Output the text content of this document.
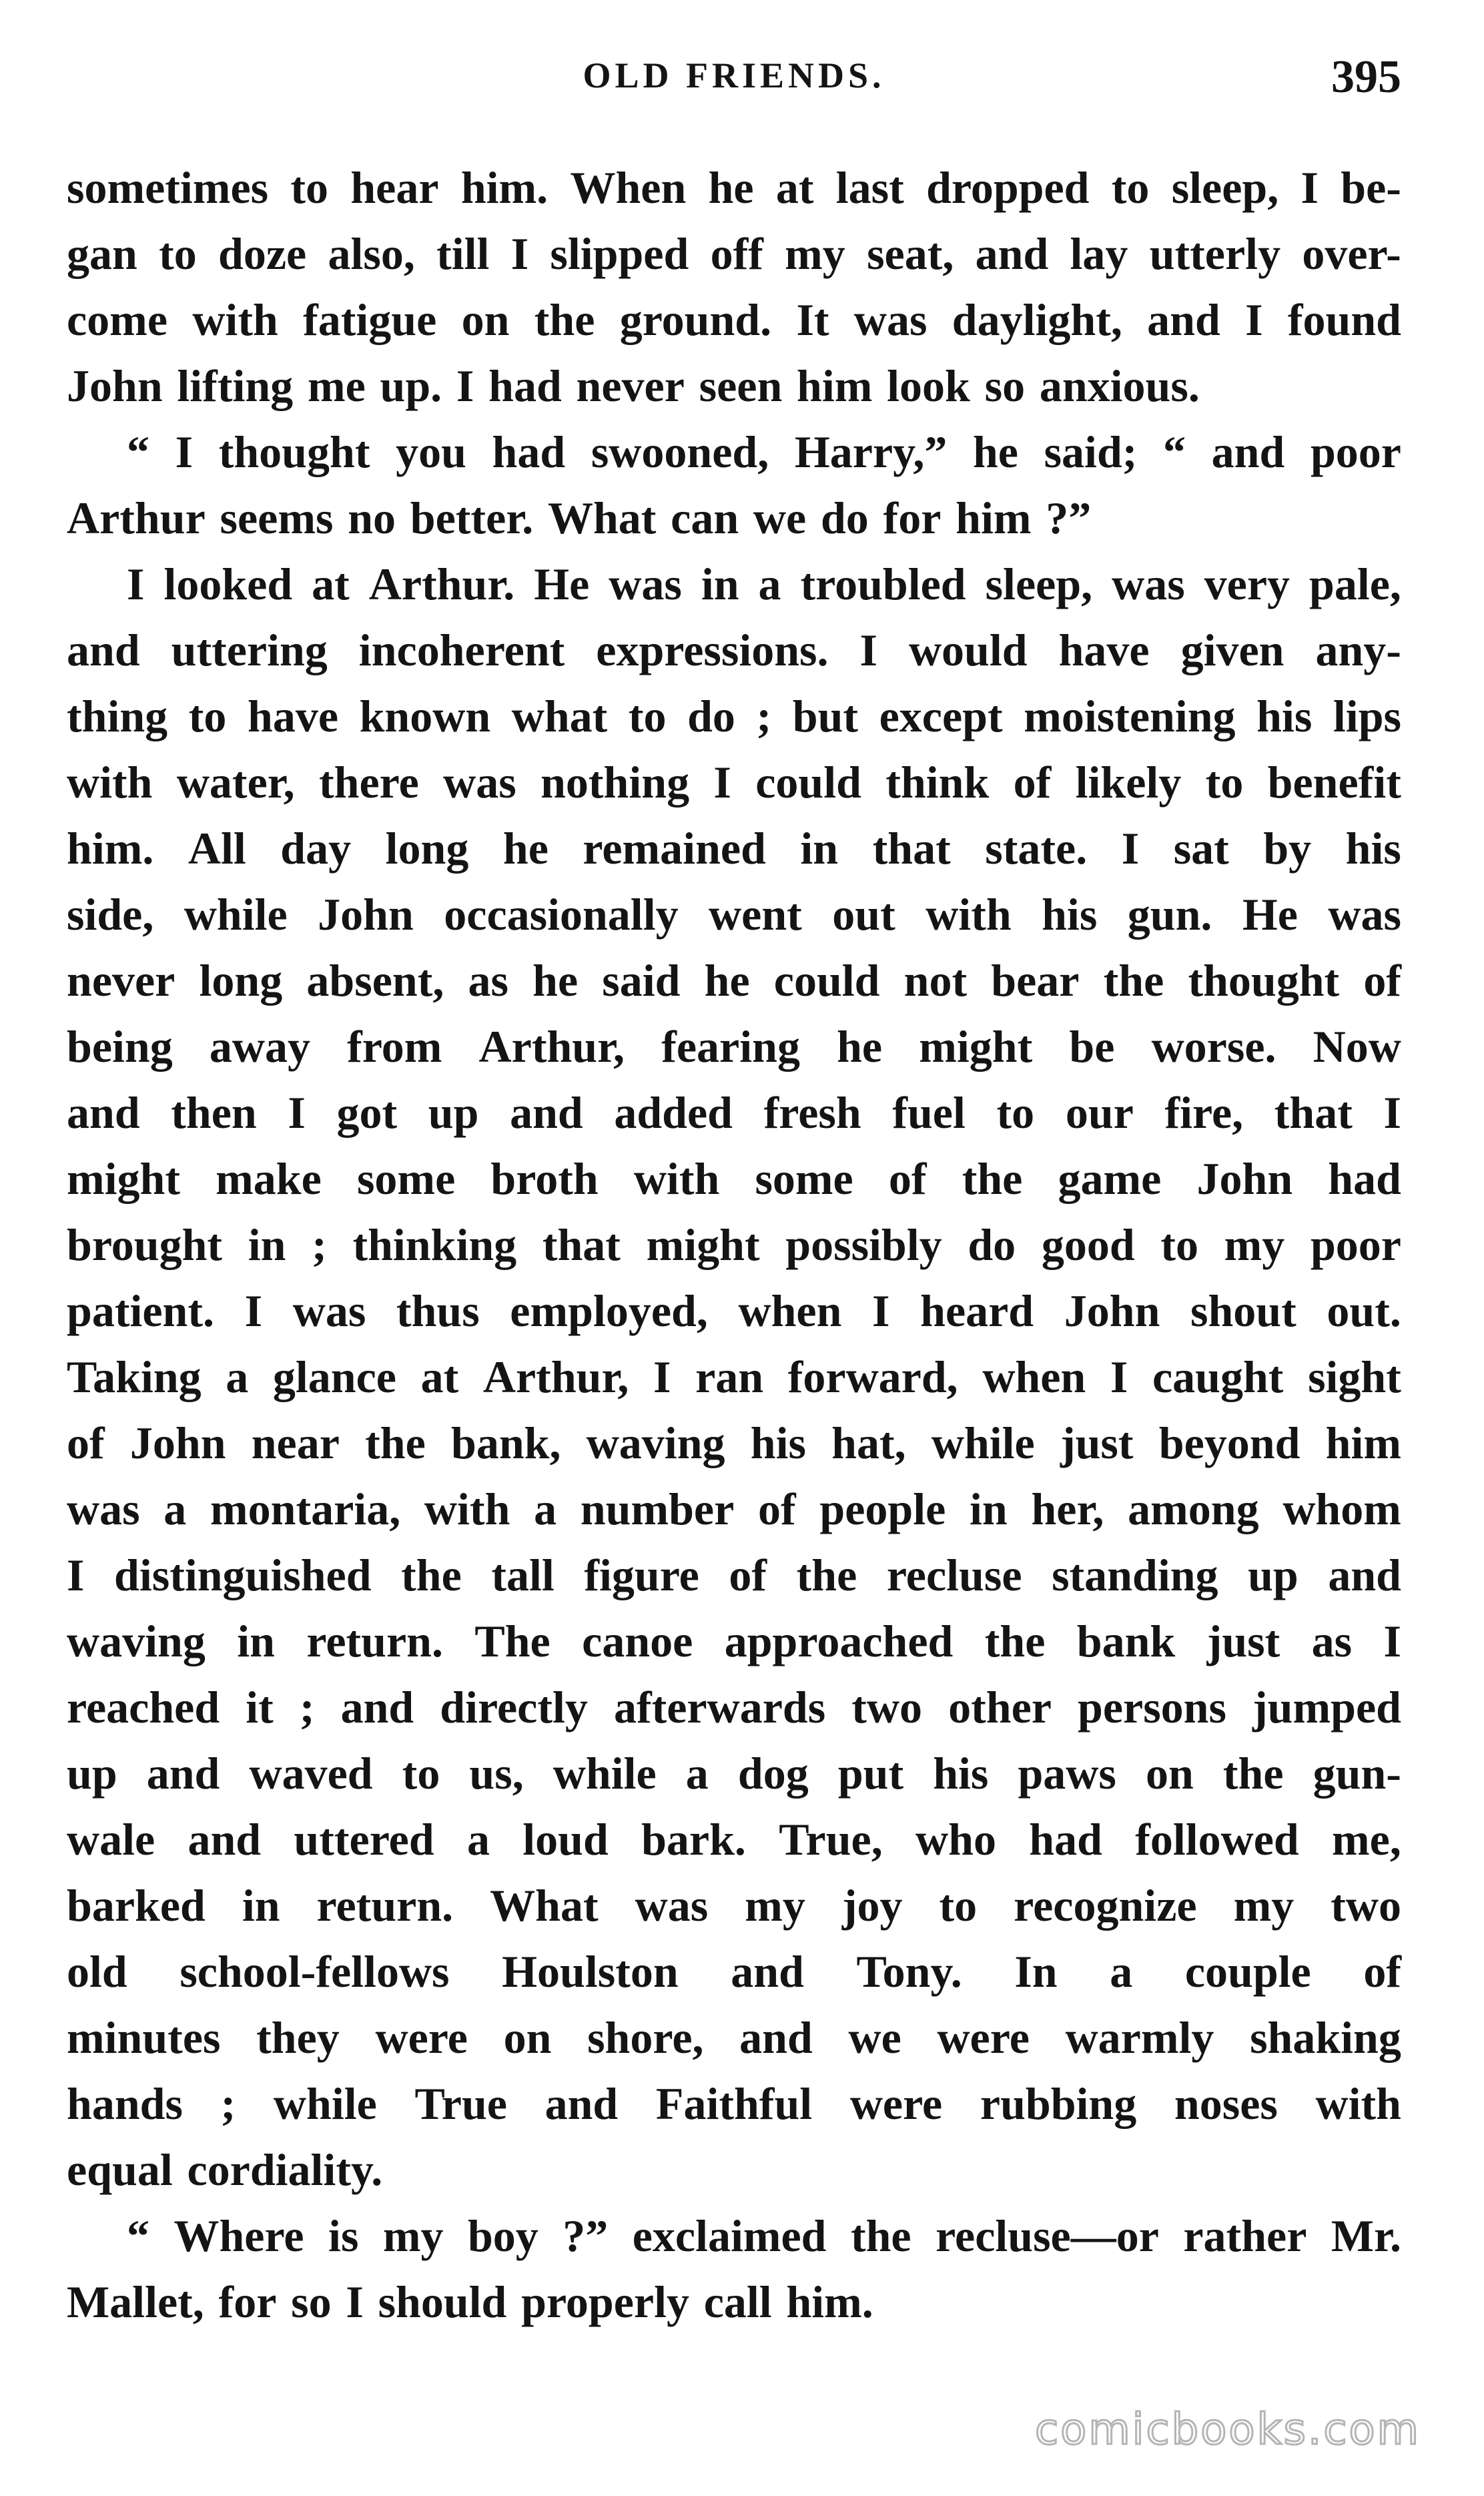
OLD FRIENDS.	395
sometimes to hear him. When he at last dropped to sleep, I be-
gan to doze also, till I slipped off my seat, and lay utterly over-
come with fatigue on the ground. It was daylight, and I found
John lifting me up. I had never seen him look so anxious.
“ I thought you had swooned, Harry,” he said; “ and poor
Arthur seems no better. What can we do for him ?”
I looked at Arthur. He was in a troubled sleep, was very pale,
and uttering incoherent expressions. I would have given any-
thing to have known what to do ; but except moistening his lips
with water, there was nothing I could think of likely to benefit
him. All day long he remained in that state. I sat by his
side, while John occasionally went out with his gun. He was
never long absent, as he said he could not bear the thought of
being away from Arthur, fearing he might be worse. Now
and then I got up and added fresh fuel to our fire, that I
might make some broth with some of the game John had
brought in ; thinking that might possibly do good to my poor
patient. I was thus employed, when I heard John shout out.
Taking a glance at Arthur, I ran forward, when I caught sight
of John near the bank, waving his hat, while just beyond him
was a montaria, with a number of people in her, among whom
I distinguished the tall figure of the recluse standing up and
waving in return. The canoe approached the bank just as I
reached it ; and directly afterwards two other persons jumped
up and waved to us, while a dog put his paws on the gun-
wale and uttered a loud bark. True, who had followed me,
barked in return. What was my joy to recognize my two
old school-fellows Houlston and Tony. In a couple of
minutes they were on shore, and we were warmly shaking
hands ; while True and Faithful were rubbing noses with
equal cordiality.
“ Where is my boy ?” exclaimed the recluse—or rather Mr.
Mallet, for so I should properly call him.
comicbooks.com
